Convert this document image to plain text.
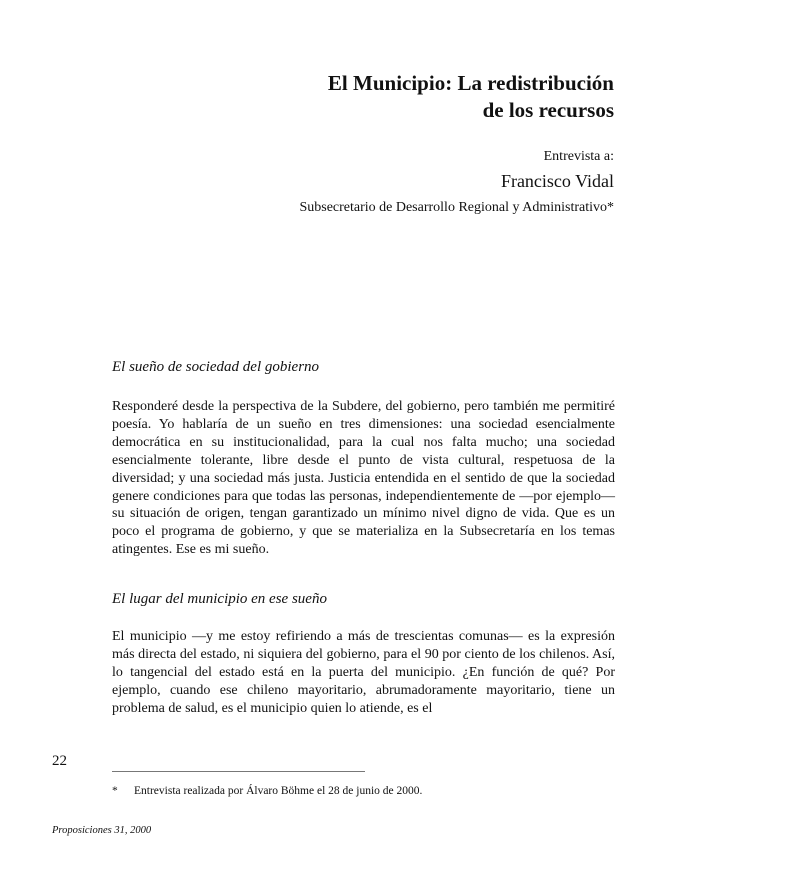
El Municipio: La redistribución
de los recursos

Entrevista a:

Francisco Vidal

Subsecretario de Desarrollo Regional y Administrativo*

El sueño de sociedad del gobierno

Responderé desde la perspectiva de la Subdere, del gobierno, pero también me permitiré poesía. Yo hablaría de un sueño en tres dimensiones: una sociedad esencialmente democrática en su institucionalidad, para la cual nos falta mucho; una sociedad esencialmente tolerante, libre desde el punto de vista cultural, respetuosa de la diversidad; y una sociedad más justa. Justicia entendida en el sentido de que la sociedad genere condiciones para que todas las personas, independientemente de —por ejemplo— su situación de origen, tengan garantizado un mínimo nivel digno de vida. Que es un poco el programa de gobierno, y que se materializa en la Subsecretaría en los temas atingentes. Ese es mi sueño.

El lugar del municipio en ese sueño

El municipio —y me estoy refiriendo a más de trescientas comunas— es la expresión más directa del estado, ni siquiera del gobierno, para el 90 por ciento de los chilenos. Así, lo tangencial del estado está en la puerta del municipio. ¿En función de qué? Por ejemplo, cuando ese chileno mayoritario, abrumadoramente mayoritario, tiene un problema de salud, es el municipio quien lo atiende, es el

22

* Entrevista realizada por Álvaro Böhme el 28 de junio de 2000.

Proposiciones 31, 2000
